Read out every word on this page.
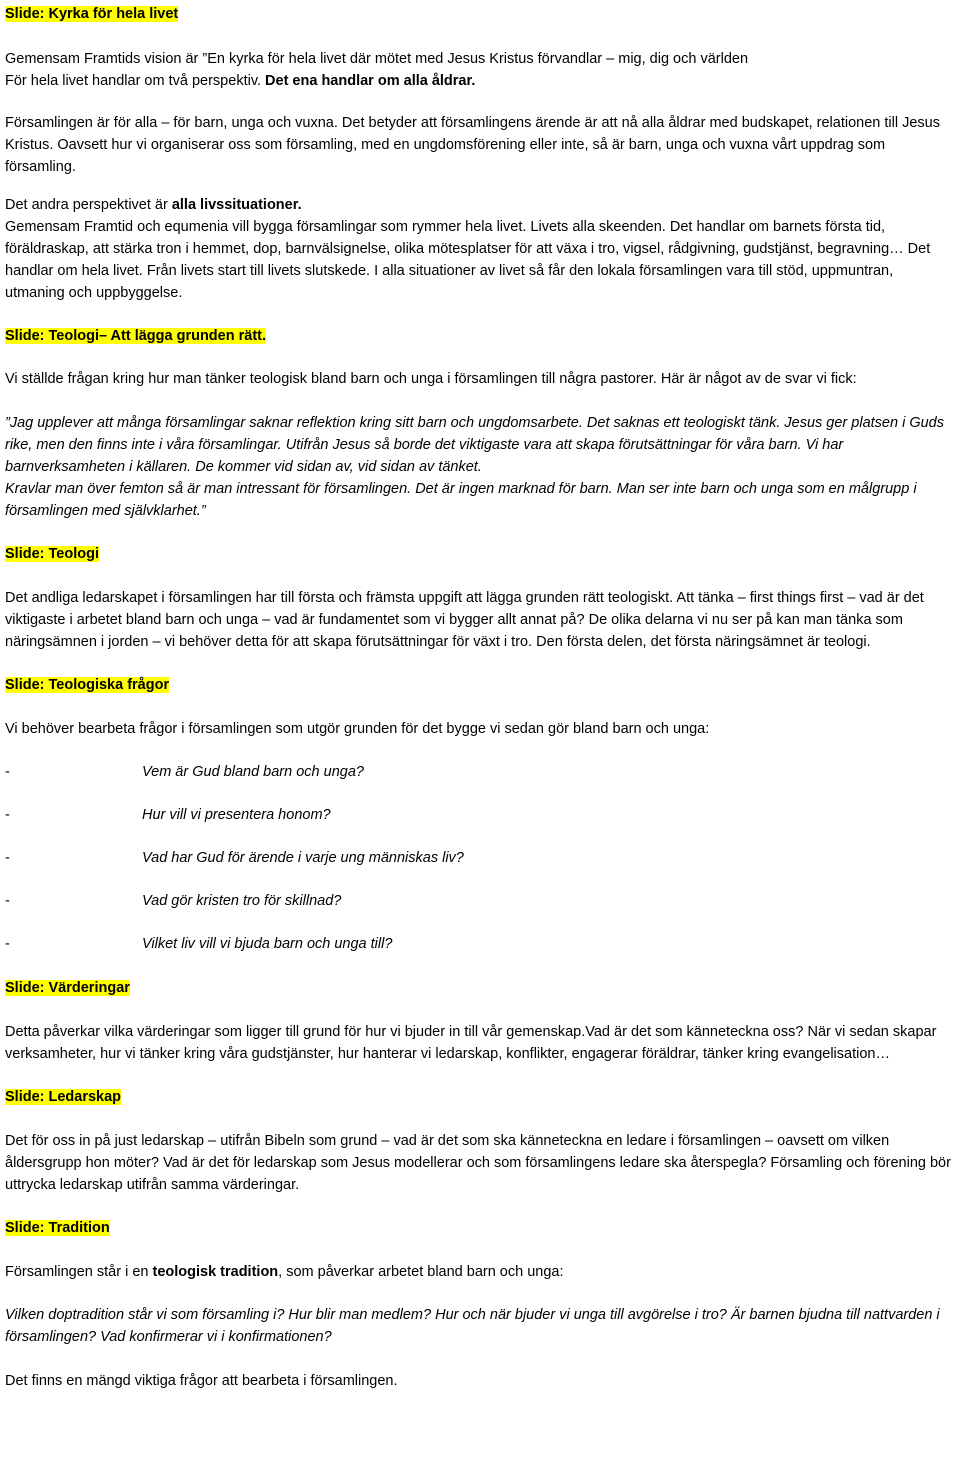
Slide: Kyrka för hela livet

Gemensam Framtids vision är ”En kyrka för hela livet där mötet med Jesus Kristus förvandlar – mig, dig och världen
För hela livet handlar om två perspektiv. Det ena handlar om alla åldrar.

Församlingen är för alla – för barn, unga och vuxna. Det betyder att församlingens ärende är att nå alla åldrar med budskapet, relationen till Jesus Kristus. Oavsett hur vi organiserar oss som församling, med en ungdomsförening eller inte, så är barn, unga och vuxna vårt uppdrag som församling.

Det andra perspektivet är alla livssituationer.

Gemensam Framtid och equmenia vill bygga församlingar som rymmer hela livet. Livets alla skeenden. Det handlar om barnets första tid, föräldraskap, att stärka tron i hemmet, dop, barnvälsignelse, olika mötesplatser för att växa i tro, vigsel, rådgivning, gudstjänst, begravning… Det handlar om hela livet. Från livets start till livets slutskede. I alla situationer av livet så får den lokala församlingen vara till stöd, uppmuntran, utmaning och uppbyggelse.

Slide: Teologi– Att lägga grunden rätt.

Vi ställde frågan kring hur man tänker teologisk bland barn och unga i församlingen till några pastorer. Här är något av de svar vi fick:

”Jag upplever att många församlingar saknar reflektion kring sitt barn och ungdomsarbete. Det saknas ett teologiskt tänk. Jesus ger platsen i Guds rike, men den finns inte i våra församlingar. Utifrån Jesus så borde det viktigaste vara att skapa förutsättningar för våra barn. Vi har barnverksamheten i källaren. De kommer vid sidan av, vid sidan av tänket.
Kravlar man över femton så är man intressant för församlingen. Det är ingen marknad för barn. Man ser inte barn och unga som en målgrupp i församlingen med självklarhet.”

Slide: Teologi

Det andliga ledarskapet i församlingen har till första och främsta uppgift att lägga grunden rätt teologiskt. Att tänka – first things first – vad är det viktigaste i arbetet bland barn och unga – vad är fundamentet som vi bygger allt annat på? De olika delarna vi nu ser på kan man tänka som näringsämnen i jorden – vi behöver detta för att skapa förutsättningar för växt i tro. Den första delen, det första näringsämnet är teologi.

Slide: Teologiska frågor

Vi behöver bearbeta frågor i församlingen som utgör grunden för det bygge vi sedan gör bland barn och unga:

-	Vem är Gud bland barn och unga?
-	Hur vill vi presentera honom?
-	Vad har Gud för ärende i varje ung människas liv?
-	Vad gör kristen tro för skillnad?
-	Vilket liv vill vi bjuda barn och unga till?

Slide: Värderingar

Detta påverkar vilka värderingar som ligger till grund för hur vi bjuder in till vår gemenskap.Vad är det som känneteckna oss? När vi sedan skapar verksamheter, hur vi tänker kring våra gudstjänster, hur hanterar vi ledarskap, konflikter, engagerar föräldrar, tänker kring evangelisation…

Slide: Ledarskap

Det för oss in på just ledarskap – utifrån Bibeln som grund – vad är det som ska känneteckna en ledare i församlingen – oavsett om vilken åldersgrupp hon möter? Vad är det för ledarskap som Jesus modellerar och som församlingens ledare ska återspegla? Församling och förening bör uttrycka ledarskap utifrån samma värderingar.

Slide: Tradition

Församlingen står i en teologisk tradition, som påverkar arbetet bland barn och unga:

Vilken doptradition står vi som församling i? Hur blir man medlem? Hur och när bjuder vi unga till avgörelse i tro? Är barnen bjudna till nattvarden i församlingen? Vad konfirmerar vi i konfirmationen?

Det finns en mängd viktiga frågor att bearbeta i församlingen.
